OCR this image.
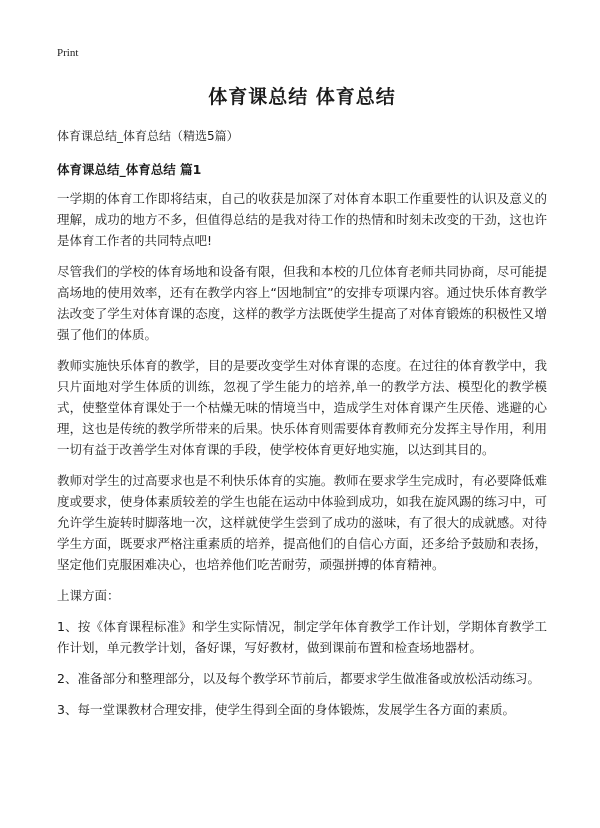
Print
体育课总结 体育总结
体育课总结_体育总结（精选5篇）
体育课总结_体育总结 篇1

一学期的体育工作即将结束，自己的收获是加深了对体育本职工作重要性的认识及意义的理解，成功的地方不多，但值得总结的是我对待工作的热情和时刻未改变的干劲，这也许是体育工作者的共同特点吧!

尽管我们的学校的体育场地和设备有限，但我和本校的几位体育老师共同协商，尽可能提高场地的使用效率，还有在教学内容上“因地制宜”的安排专项课内容。通过快乐体育教学法改变了学生对体育课的态度，这样的教学方法既使学生提高了对体育锻炼的积极性又增强了他们的体质。

教师实施快乐体育的教学，目的是要改变学生对体育课的态度。在过往的体育教学中，我只片面地对学生体质的训练，忽视了学生能力的培养,单一的教学方法、模型化的教学模式，使整堂体育课处于一个枯燥无味的情境当中，造成学生对体育课产生厌倦、逃避的心理，这也是传统的教学所带来的后果。快乐体育则需要体育教师充分发挥主导作用，利用一切有益于改善学生对体育课的手段，使学校体育更好地实施，以达到其目的。

教师对学生的过高要求也是不利快乐体育的实施。教师在要求学生完成时，有必要降低难度或要求，使身体素质较差的学生也能在运动中体验到成功，如我在旋风踢的练习中，可允许学生旋转时脚落地一次，这样就使学生尝到了成功的滋味，有了很大的成就感。对待学生方面，既要求严格注重素质的培养，提高他们的自信心方面，还多给予鼓励和表扬，坚定他们克服困难决心，也培养他们吃苦耐劳，顽强拼搏的体育精神。

上课方面：

1、按《体育课程标准》和学生实际情况，制定学年体育教学工作计划，学期体育教学工作计划，单元教学计划，备好课，写好教材，做到课前布置和检查场地器材。

2、准备部分和整理部分，以及每个教学环节前后，都要求学生做准备或放松活动练习。

3、每一堂课教材合理安排，使学生得到全面的身体锻炼，发展学生各方面的素质。
